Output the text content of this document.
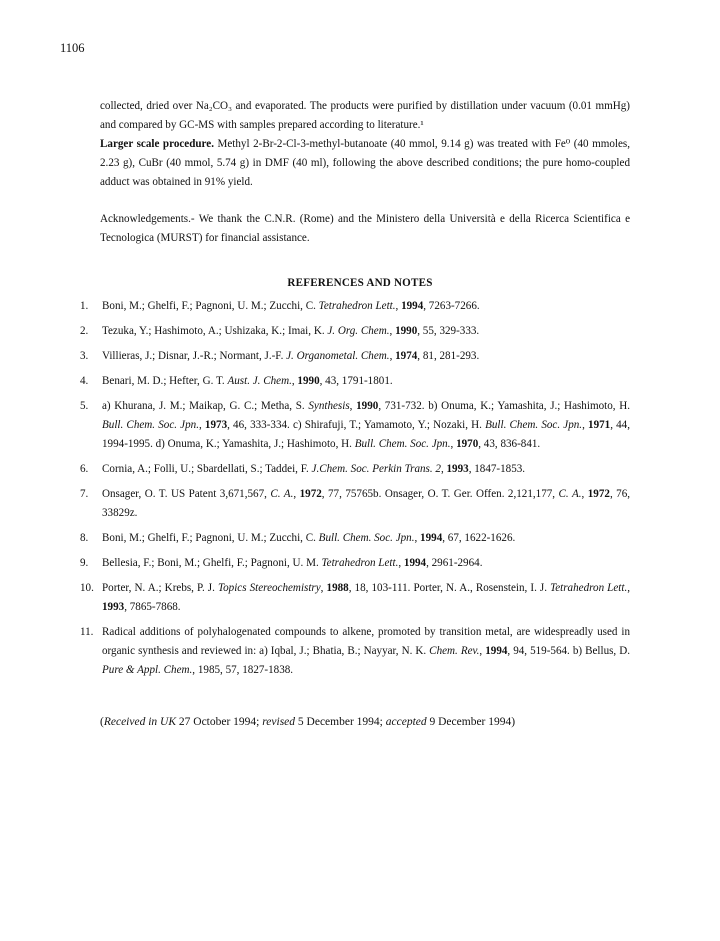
1106
collected, dried over Na₂CO₃ and evaporated. The products were purified by distillation under vacuum (0.01 mmHg) and compared by GC-MS with samples prepared according to literature.¹
Larger scale procedure. Methyl 2-Br-2-Cl-3-methyl-butanoate (40 mmol, 9.14 g) was treated with Fe⁰ (40 mmoles, 2.23 g), CuBr (40 mmol, 5.74 g) in DMF (40 ml), following the above described conditions; the pure homo-coupled adduct was obtained in 91% yield.
Acknowledgements.- We thank the C.N.R. (Rome) and the Ministero della Università e della Ricerca Scientifica e Tecnologica (MURST) for financial assistance.
REFERENCES AND NOTES
1.	Boni, M.; Ghelfi, F.; Pagnoni, U. M.; Zucchi, C. Tetrahedron Lett., 1994, 7263-7266.
2.	Tezuka, Y.; Hashimoto, A.; Ushizaka, K.; Imai, K. J. Org. Chem., 1990, 55, 329-333.
3.	Villieras, J.; Disnar, J.-R.; Normant, J.-F. J. Organometal. Chem., 1974, 81, 281-293.
4.	Benari, M. D.; Hefter, G. T. Aust. J. Chem., 1990, 43, 1791-1801.
5.	a) Khurana, J. M.; Maikap, G. C.; Metha, S. Synthesis, 1990, 731-732. b) Onuma, K.; Yamashita, J.; Hashimoto, H. Bull. Chem. Soc. Jpn., 1973, 46, 333-334. c) Shirafuji, T.; Yamamoto, Y.; Nozaki, H. Bull. Chem. Soc. Jpn., 1971, 44, 1994-1995. d) Onuma, K.; Yamashita, J.; Hashimoto, H. Bull. Chem. Soc. Jpn., 1970, 43, 836-841.
6.	Cornia, A.; Folli, U.; Sbardellati, S.; Taddei, F. J.Chem. Soc. Perkin Trans. 2, 1993, 1847-1853.
7.	Onsager, O. T. US Patent 3,671,567, C. A., 1972, 77, 75765b. Onsager, O. T. Ger. Offen. 2,121,177, C. A., 1972, 76, 33829z.
8.	Boni, M.; Ghelfi, F.; Pagnoni, U. M.; Zucchi, C. Bull. Chem. Soc. Jpn., 1994, 67, 1622-1626.
9.	Bellesia, F.; Boni, M.; Ghelfi, F.; Pagnoni, U. M. Tetrahedron Lett., 1994, 2961-2964.
10. Porter, N. A.; Krebs, P. J. Topics Stereochemistry, 1988, 18, 103-111. Porter, N. A., Rosenstein, I. J. Tetrahedron Lett., 1993, 7865-7868.
11. Radical additions of polyhalogenated compounds to alkene, promoted by transition metal, are widespreadly used in organic synthesis and reviewed in: a) Iqbal, J.; Bhatia, B.; Nayyar, N. K. Chem. Rev., 1994, 94, 519-564. b) Bellus, D. Pure & Appl. Chem., 1985, 57, 1827-1838.
(Received in UK 27 October 1994; revised 5 December 1994; accepted 9 December 1994)
